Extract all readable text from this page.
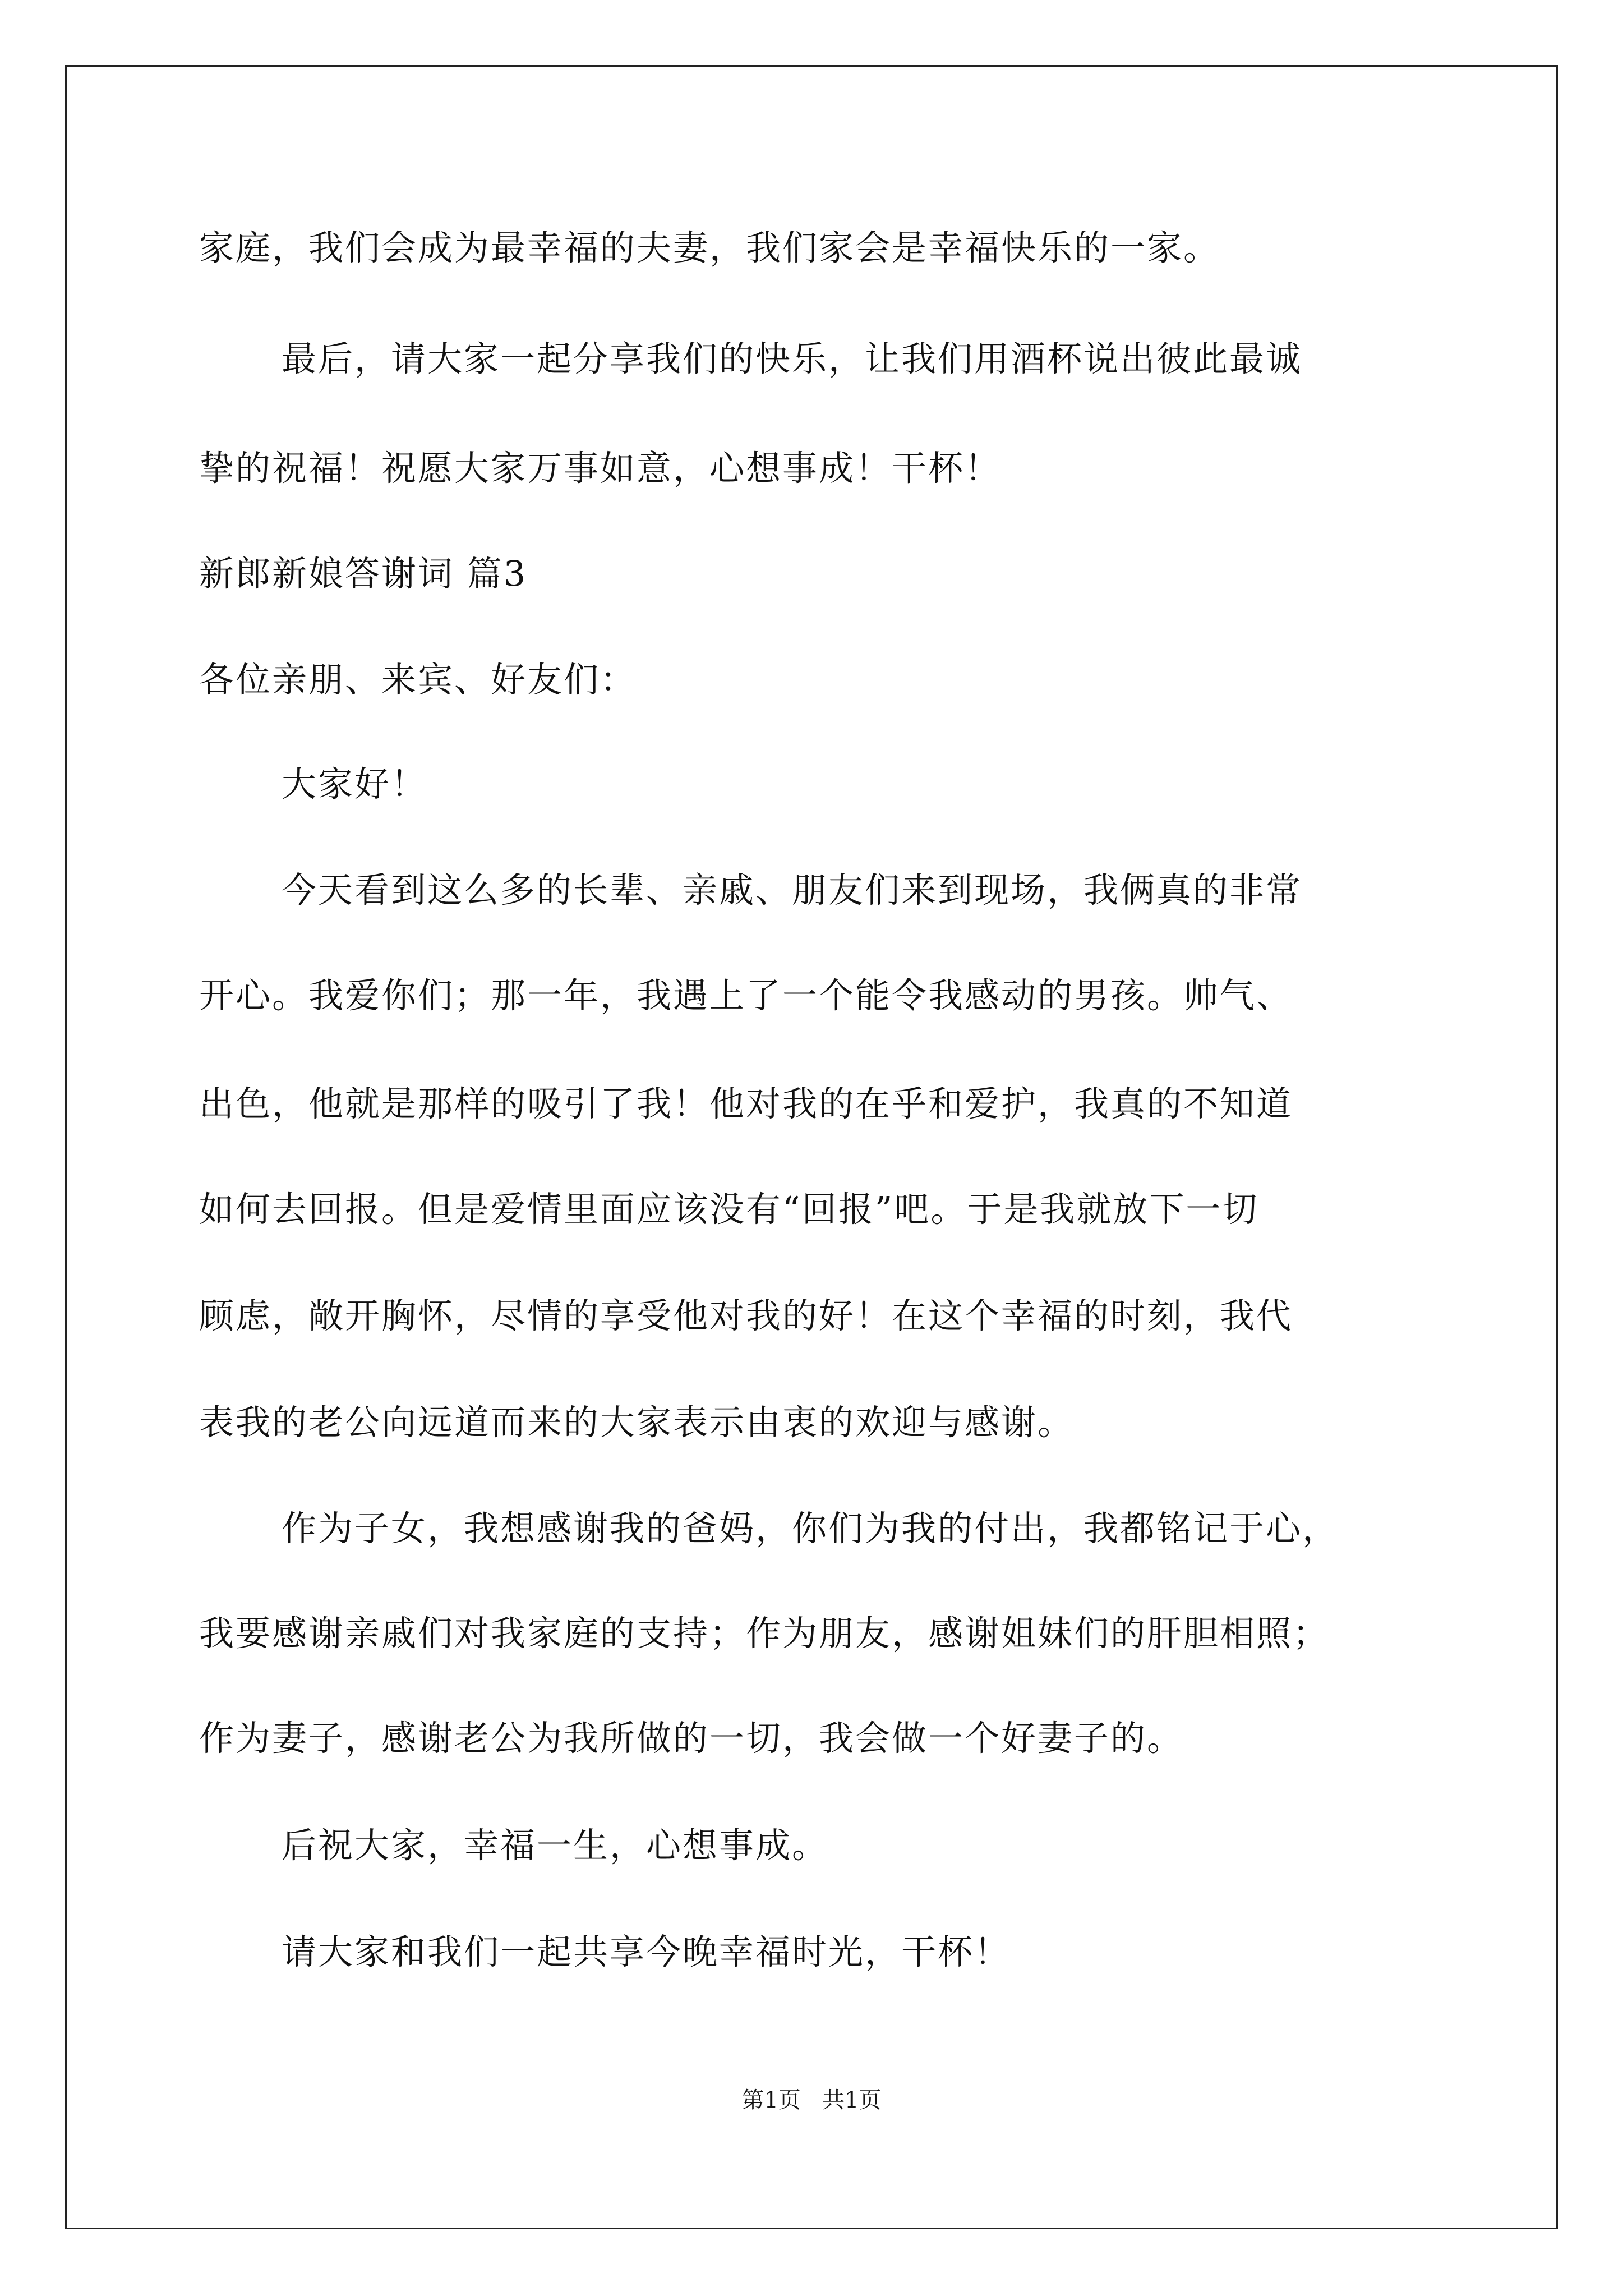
家庭，我们会成为最幸福的夫妻，我们家会是幸福快乐的一家。
最后，请大家一起分享我们的快乐，让我们用酒杯说出彼此最诚
挚的祝福！祝愿大家万事如意，心想事成！干杯！
新郎新娘答谢词 篇3
各位亲朋、来宾、好友们：
大家好！
今天看到这么多的长辈、亲戚、朋友们来到现场，我俩真的非常
开心。我爱你们；那一年，我遇上了一个能令我感动的男孩。帅气、
出色，他就是那样的吸引了我！他对我的在乎和爱护，我真的不知道
如何去回报。但是爱情里面应该没有“回报”吧。于是我就放下一切
顾虑，敞开胸怀，尽情的享受他对我的好！在这个幸福的时刻，我代
表我的老公向远道而来的大家表示由衷的欢迎与感谢。
作为子女，我想感谢我的爸妈，你们为我的付出，我都铭记于心，
我要感谢亲戚们对我家庭的支持；作为朋友，感谢姐妹们的肝胆相照；
作为妻子，感谢老公为我所做的一切，我会做一个好妻子的。
后祝大家，幸福一生，心想事成。
请大家和我们一起共享今晚幸福时光，干杯！
第1页   共1页
